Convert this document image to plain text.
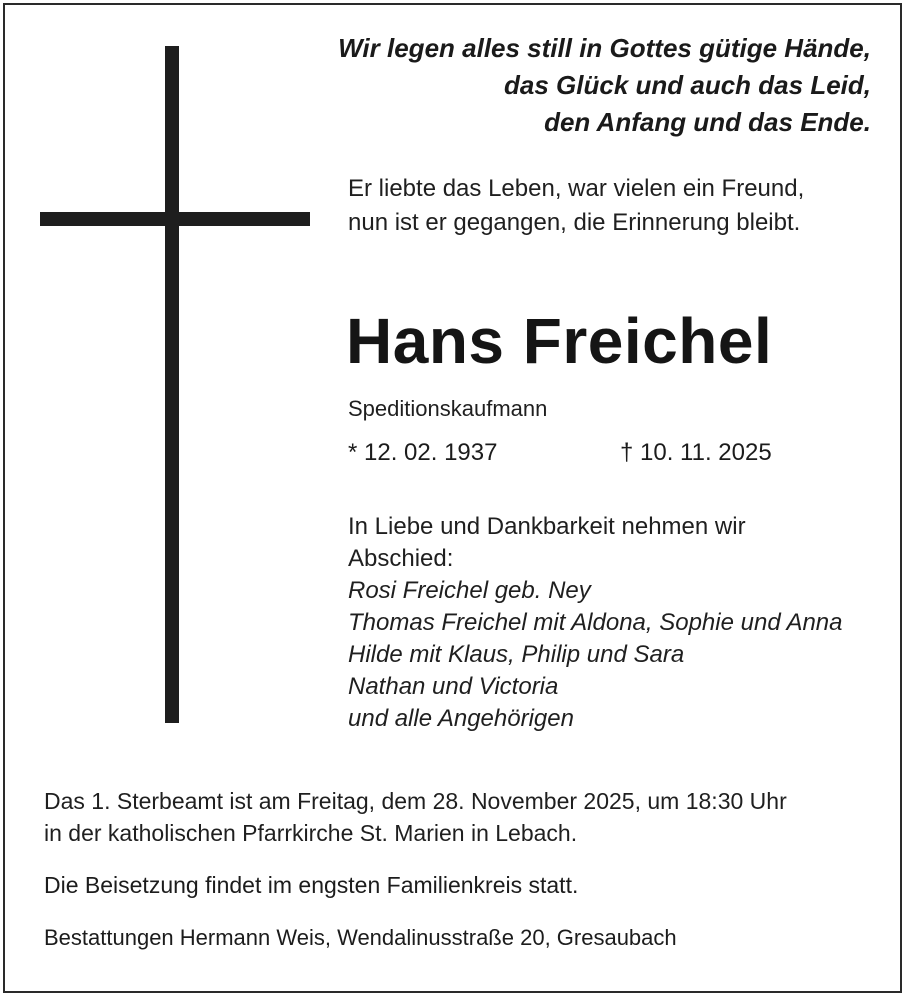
Wir legen alles still in Gottes gütige Hände,
das Glück und auch das Leid,
den Anfang und das Ende.
Er liebte das Leben, war vielen ein Freund,
nun ist er gegangen, die Erinnerung bleibt.
Hans Freichel
Speditionskaufmann
* 12. 02. 1937	† 10. 11. 2025
In Liebe und Dankbarkeit nehmen wir Abschied:
Rosi Freichel geb. Ney
Thomas Freichel mit Aldona, Sophie und Anna
Hilde mit Klaus, Philip und Sara
Nathan und Victoria
und alle Angehörigen
Das 1. Sterbeamt ist am Freitag, dem 28. November 2025, um 18:30 Uhr
in der katholischen Pfarrkirche St. Marien in Lebach.
Die Beisetzung findet im engsten Familienkreis statt.
Bestattungen Hermann Weis, Wendalinusstraße 20, Gresaubach
